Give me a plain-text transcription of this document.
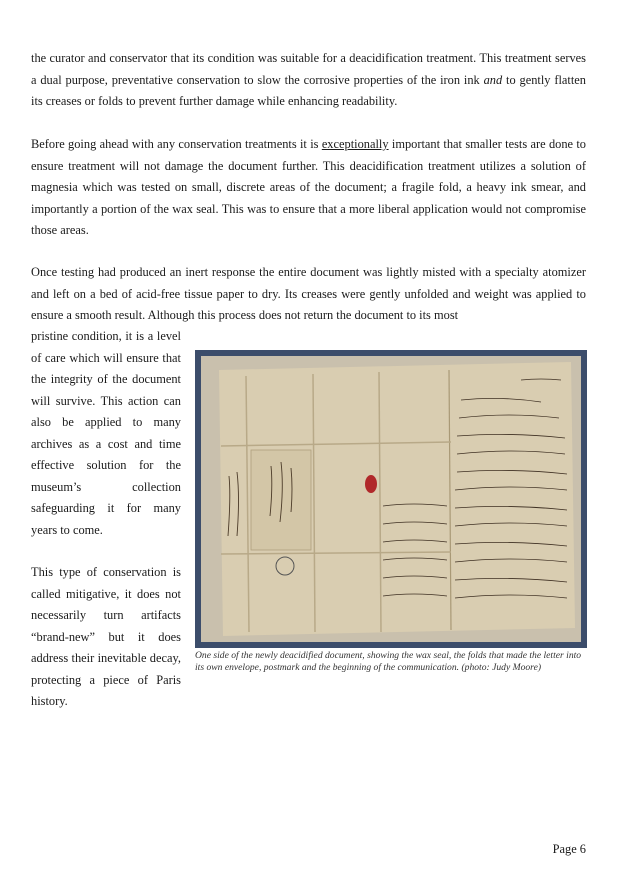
the curator and conservator that its condition was suitable for a deacidification treatment. This treatment serves a dual purpose, preventative conservation to slow the corrosive properties of the iron ink and to gently flatten its creases or folds to prevent further damage while enhancing readability.

Before going ahead with any conservation treatments it is exceptionally important that smaller tests are done to ensure treatment will not damage the document further. This deacidification treatment utilizes a solution of magnesia which was tested on small, discrete areas of the document; a fragile fold, a heavy ink smear, and importantly a portion of the wax seal. This was to ensure that a more liberal application would not compromise those areas.

Once testing had produced an inert response the entire document was lightly misted with a specialty atomizer and left on a bed of acid-free tissue paper to dry. Its creases were gently unfolded and weight was applied to ensure a smooth result. Although this process does not return the document to its most

pristine condition, it is a level of care which will ensure that the integrity of the document will survive. This action can also be applied to many archives as a cost and time effective solution for the museum’s collection safeguarding it for many years to come.

This type of conservation is called mitigative, it does not necessarily turn artifacts “brand-new” but it does address their inevitable decay, protecting a piece of Paris history.

One side of the newly deacidified document, showing the wax seal, the folds that made the letter into its own envelope, postmark and the beginning of the communication. (photo: Judy Moore)

Page 6
